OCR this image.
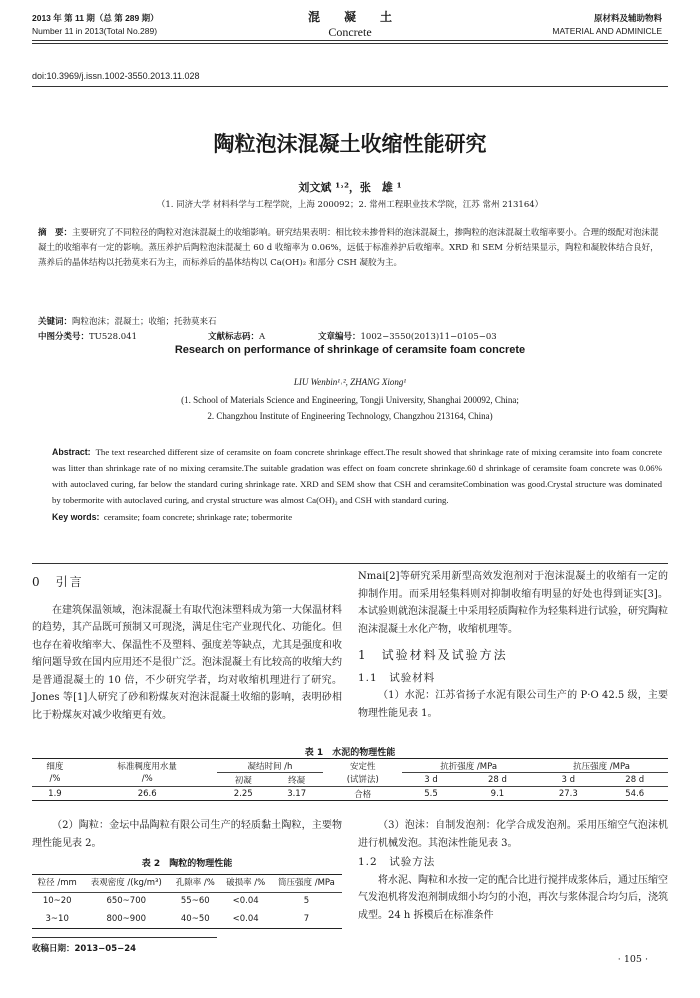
2013 年 第 11 期（总 第 289 期）
Number 11 in 2013(Total No.289)
混　　凝　　土
Concrete
原材料及辅助物料
MATERIAL AND ADMINICLE
doi:10.3969/j.issn.1002-3550.2013.11.028
陶粒泡沫混凝土收缩性能研究
刘文斌 ¹˒²，张　雄 ¹
（1. 同济大学 材料科学与工程学院，上海 200092；2. 常州工程职业技术学院，江苏 常州 213164）
摘　要：主要研究了不同粒径的陶粒对泡沫混凝土的收缩影响。研究结果表明：相比较未掺骨料的泡沫混凝土，掺陶粒的泡沫混凝土收缩率要小。合理的级配对泡沫混凝土的收缩率有一定的影响。蒸压养护后陶粒泡沫混凝土 60 d 收缩率为 0.06%，远低于标准养护后收缩率。XRD 和 SEM 分析结果显示，陶粒和凝胶体结合良好，蒸养后的晶体结构以托勃莫来石为主，而标养后的晶体结构以 Ca(OH)₂ 和部分 CSH 凝胶为主。
关键词：陶粒泡沫；混凝土；收缩；托勃莫来石
中图分类号：TU528.041	文献标志码：A	文章编号：1002−3550(2013)11−0105−03
Research on performance of shrinkage of ceramsite foam concrete
LIU Wenbin¹˒², ZHANG Xiong¹
(1. School of Materials Science and Engineering, Tongji University, Shanghai 200092, China;
2. Changzhou Institute of Engineering Technology, Changzhou 213164, China)
Abstract: The text researched different size of ceramsite on foam concrete shrinkage effect.The result showed that shrinkage rate of mixing ceramsite into foam concrete was litter than shrinkage rate of no mixing ceramsite.The suitable gradation was effect on foam concrete shrinkage.60 d shrinkage of ceramsite foam concrete was 0.06% with autoclaved curing, far below the standard curing shrinkage rate. XRD and SEM show that CSH and ceramsiteCombination was good.Crystal structure was dominated by tobermorite with autoclaved curing, and crystal structure was almost Ca(OH)₂ and CSH with standard curing.
Key words: ceramsite; foam concrete; shrinkage rate; tobermorite
0　引言

在建筑保温领域，泡沫混凝土有取代泡沫塑料成为第一大保温材料的趋势，其产品既可预制又可现浇，满足住宅产业现代化、功能化。但也存在着收缩率大、保温性不及塑料、强度差等缺点，尤其是强度和收缩问题导致在国内应用还不是很广泛。泡沫混凝土有比较高的收缩大约是普通混凝土的 10 倍，不少研究学者，均对收缩机理进行了研究。Jones 等[1]人研究了砂和粉煤灰对泡沫混凝土收缩的影响，表明砂相比于粉煤灰对减少收缩更有效。

Nmai[2]等研究采用新型高效发泡剂对于泡沫混凝土的收缩有一定的抑制作用。而采用轻集料则对抑制收缩有明显的好处也得到证实[3]。本试验则就泡沫混凝土中采用轻质陶粒作为轻集料进行试验，研究陶粒泡沫混凝土水化产物，收缩机理等。

1　试验材料及试验方法
1.1　试验材料

（1）水泥：江苏省扬子水泥有限公司生产的 P·O 42.5 级，主要物理性能见表 1。

表 1　水泥的物理性能
细度	标准稠度用水量	凝结时间 /h		安定性	抗折强度 /MPa		抗压强度 /MPa	
/%	/%	初凝	终凝	(试饼法)	3 d	28 d	3 d	28 d
1.9	26.6	2.25	3.17	合格	5.5	9.1	27.3	54.6

（2）陶粒：金坛中晶陶粒有限公司生产的轻质黏土陶粒，主要物理性能见表 2。

表 2　陶粒的物理性能
粒径 /mm	表观密度 /(kg/m³)	孔隙率 /%	破损率 /%	筒压强度 /MPa
10~20	650~700	55~60	<0.04	5
3~10	800~900	40~50	<0.04	7

（3）泡沫：自制发泡剂：化学合成发泡剂。采用压缩空气泡沫机进行机械发泡。其泡沫性能见表 3。

1.2　试验方法

将水泥、陶粒和水按一定的配合比进行搅拌成浆体后，通过压缩空气发泡机将发泡剂制成细小均匀的小泡，再次与浆体混合均匀后，浇筑成型。24 h 拆模后在标准条件

收稿日期：2013−05−24
· 105 ·
